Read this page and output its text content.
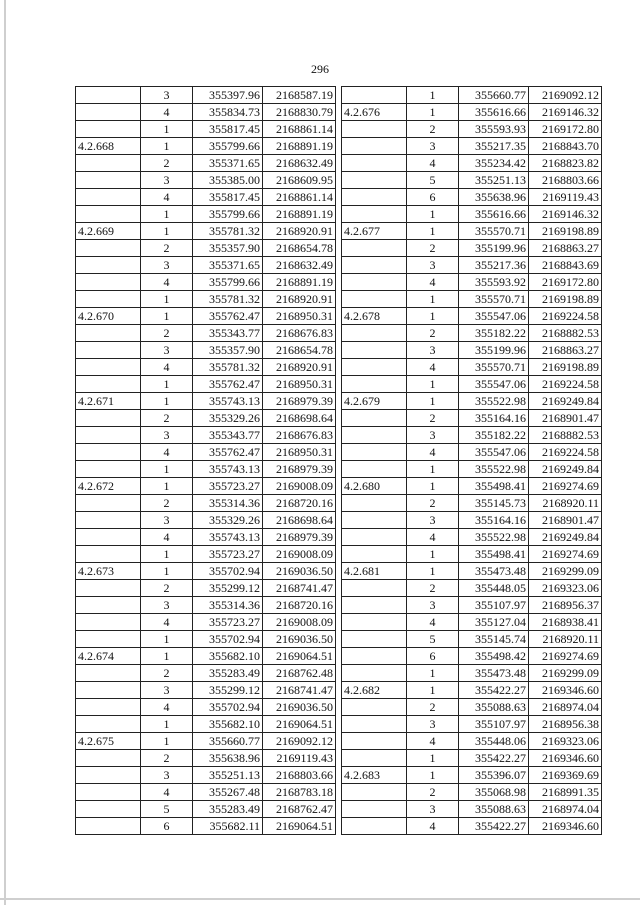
296
	3	355397.96	2168587.19
	4	355834.73	2168830.79
	1	355817.45	2168861.14
4.2.668	1	355799.66	2168891.19
	2	355371.65	2168632.49
	3	355385.00	2168609.95
	4	355817.45	2168861.14
	1	355799.66	2168891.19
4.2.669	1	355781.32	2168920.91
	2	355357.90	2168654.78
	3	355371.65	2168632.49
	4	355799.66	2168891.19
	1	355781.32	2168920.91
4.2.670	1	355762.47	2168950.31
	2	355343.77	2168676.83
	3	355357.90	2168654.78
	4	355781.32	2168920.91
	1	355762.47	2168950.31
4.2.671	1	355743.13	2168979.39
	2	355329.26	2168698.64
	3	355343.77	2168676.83
	4	355762.47	2168950.31
	1	355743.13	2168979.39
4.2.672	1	355723.27	2169008.09
	2	355314.36	2168720.16
	3	355329.26	2168698.64
	4	355743.13	2168979.39
	1	355723.27	2169008.09
4.2.673	1	355702.94	2169036.50
	2	355299.12	2168741.47
	3	355314.36	2168720.16
	4	355723.27	2169008.09
	1	355702.94	2169036.50
4.2.674	1	355682.10	2169064.51
	2	355283.49	2168762.48
	3	355299.12	2168741.47
	4	355702.94	2169036.50
	1	355682.10	2169064.51
4.2.675	1	355660.77	2169092.12
	2	355638.96	2169119.43
	3	355251.13	2168803.66
	4	355267.48	2168783.18
	5	355283.49	2168762.47
	6	355682.11	2169064.51
	1	355660.77	2169092.12
4.2.676	1	355616.66	2169146.32
	2	355593.93	2169172.80
	3	355217.35	2168843.70
	4	355234.42	2168823.82
	5	355251.13	2168803.66
	6	355638.96	2169119.43
	1	355616.66	2169146.32
4.2.677	1	355570.71	2169198.89
	2	355199.96	2168863.27
	3	355217.36	2168843.69
	4	355593.92	2169172.80
	1	355570.71	2169198.89
4.2.678	1	355547.06	2169224.58
	2	355182.22	2168882.53
	3	355199.96	2168863.27
	4	355570.71	2169198.89
	1	355547.06	2169224.58
4.2.679	1	355522.98	2169249.84
	2	355164.16	2168901.47
	3	355182.22	2168882.53
	4	355547.06	2169224.58
	1	355522.98	2169249.84
4.2.680	1	355498.41	2169274.69
	2	355145.73	2168920.11
	3	355164.16	2168901.47
	4	355522.98	2169249.84
	1	355498.41	2169274.69
4.2.681	1	355473.48	2169299.09
	2	355448.05	2169323.06
	3	355107.97	2168956.37
	4	355127.04	2168938.41
	5	355145.74	2168920.11
	6	355498.42	2169274.69
	1	355473.48	2169299.09
4.2.682	1	355422.27	2169346.60
	2	355088.63	2168974.04
	3	355107.97	2168956.38
	4	355448.06	2169323.06
	1	355422.27	2169346.60
4.2.683	1	355396.07	2169369.69
	2	355068.98	2168991.35
	3	355088.63	2168974.04
	4	355422.27	2169346.60
